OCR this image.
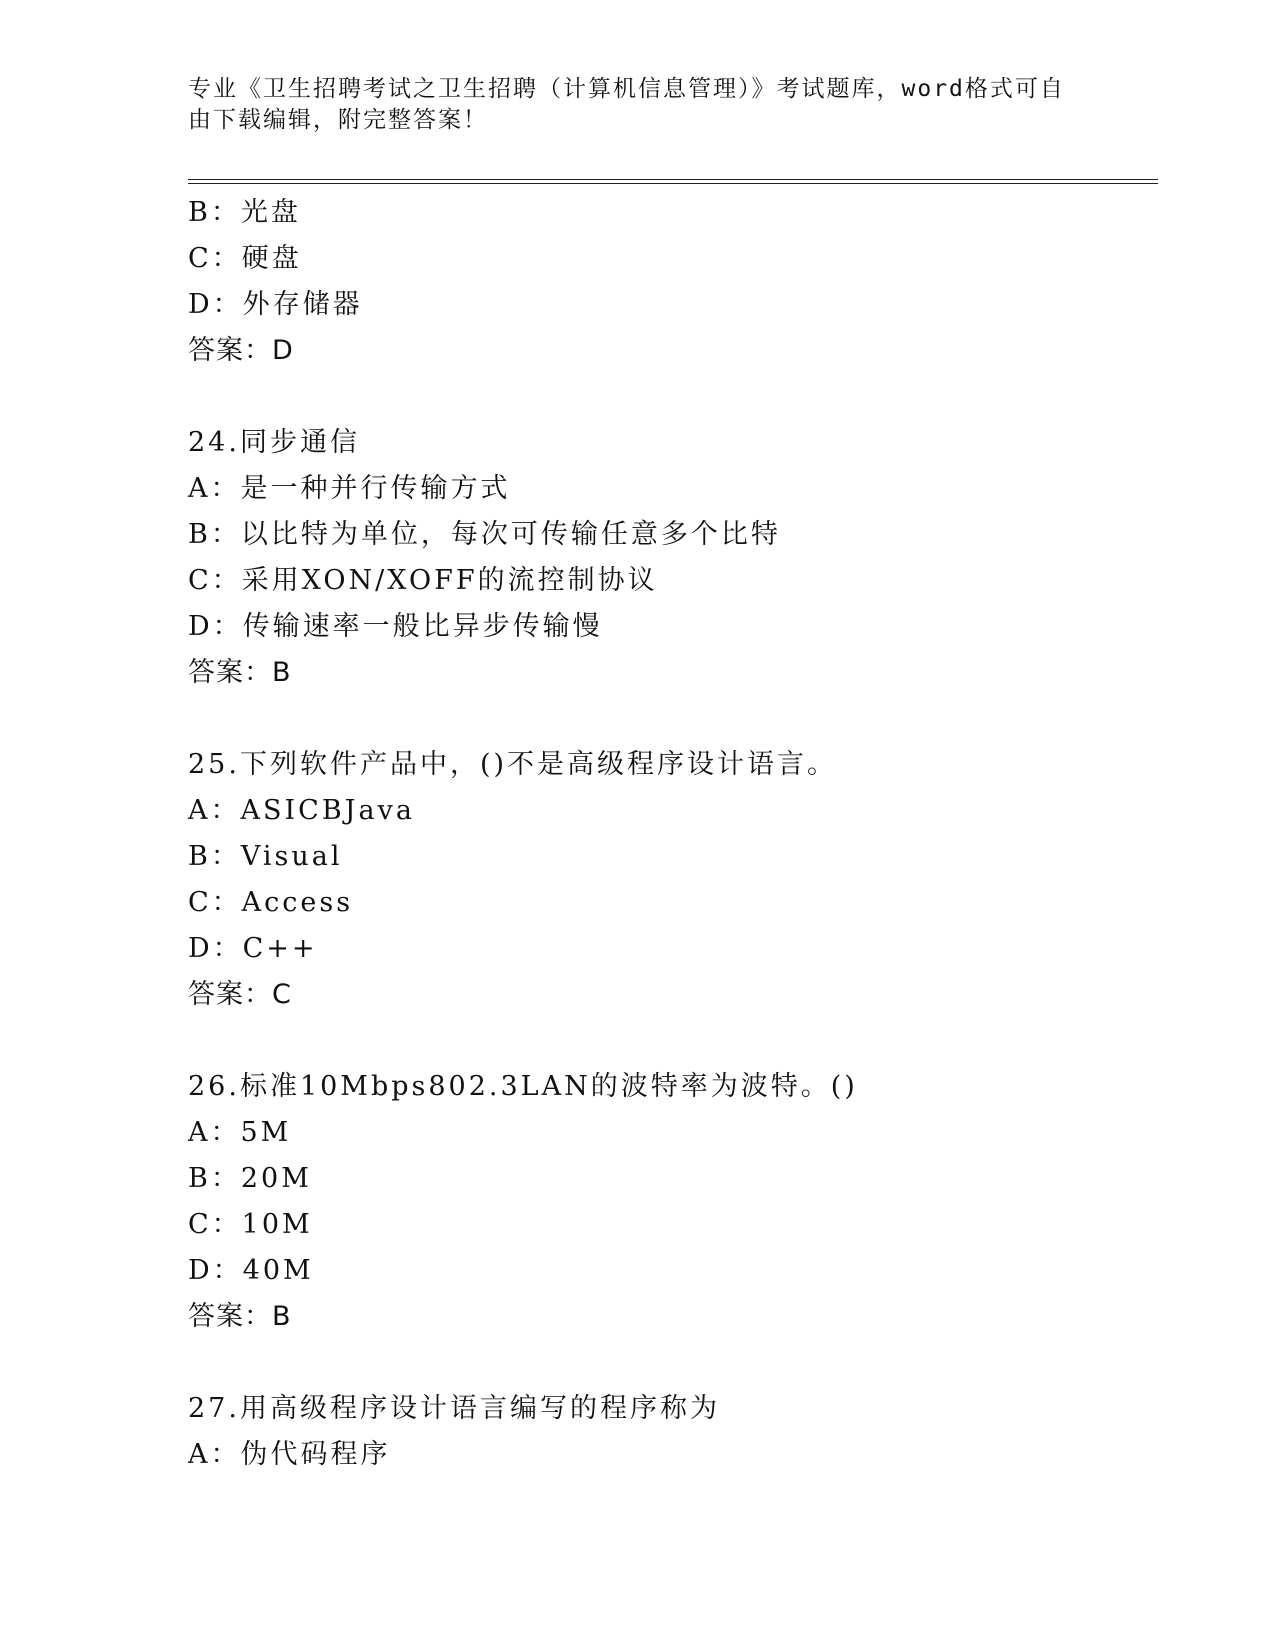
专业《卫生招聘考试之卫生招聘（计算机信息管理）》考试题库，word格式可自由下载编辑，附完整答案！
B：光盘
C：硬盘
D：外存储器
答案：D
24.同步通信
A：是一种并行传输方式
B：以比特为单位，每次可传输任意多个比特
C：采用XON/XOFF的流控制协议
D：传输速率一般比异步传输慢
答案：B
25.下列软件产品中，()不是高级程序设计语言。
A：ASICBJava
B：Visual
C：Access
D：C++
答案：C
26.标准10Mbps802.3LAN的波特率为波特。()
A：5M
B：20M
C：10M
D：40M
答案：B
27.用高级程序设计语言编写的程序称为
A：伪代码程序
